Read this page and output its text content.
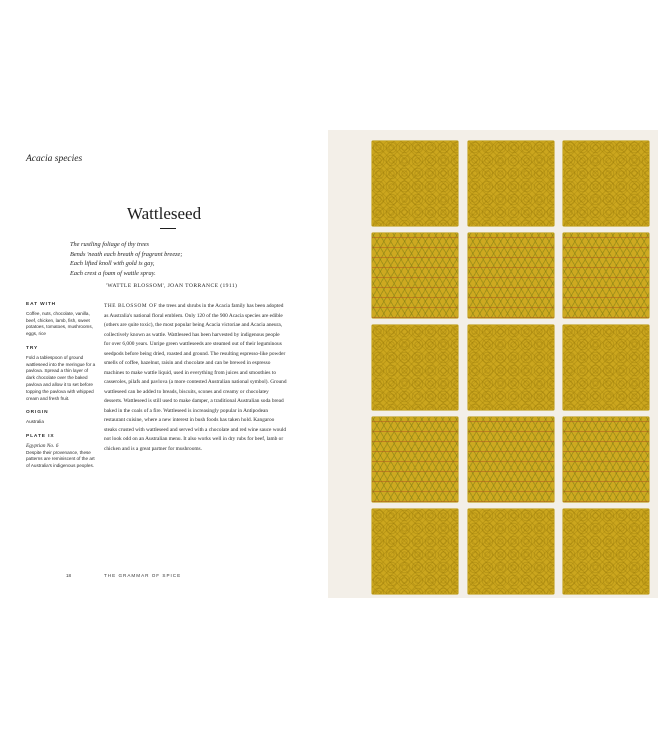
Acacia species
Wattleseed
The rustling foliage of thy trees
Bends 'neath each breath of fragrant breeze;
Each lifted knoll with gold is gay,
Each crest a foam of wattle spray.
'WATTLE BLOSSOM', JOAN TORRANCE (1911)
EAT WITH
Coffee, nuts, chocolate, vanilla, beef, chicken, lamb, fish, sweet potatoes, tomatoes, mushrooms, eggs, rice
TRY
Fold a tablespoon of ground wattleseed into the meringue for a pavlova. Spread a thin layer of dark chocolate over the baked pavlova and allow it to set before topping the pavlova with whipped cream and fresh fruit.
ORIGIN
Australia
PLATE IX
Egyptian No. 6
Despite their provenance, these patterns are reminiscent of the art of Australia's indigenous peoples.
THE BLOSSOM OF the trees and shrubs in the Acacia family has been adopted as Australia's national floral emblem. Only 120 of the 900 Acacia species are edible (others are quite toxic), the most popular being Acacia victoriae and Acacia aneura, collectively known as wattle. Wattleseed has been harvested by indigenous people for over 6,000 years. Unripe green wattleseeds are steamed out of their leguminous seedpods before being dried, roasted and ground. The resulting espresso-like powder smells of coffee, hazelnut, raisin and chocolate and can be brewed in espresso machines to make wattle liquid, used in everything from juices and smoothies to casseroles, pilafs and pavlova (a more contested Australian national symbol). Ground wattleseed can be added to breads, biscuits, scones and creamy or chocolatey desserts. Wattleseed is still used to make damper, a traditional Australian soda bread baked in the coals of a fire. Wattleseed is increasingly popular in Antipodean restaurant cuisine, where a new interest in bush foods has taken hold. Kangaroo steaks crusted with wattleseed and served with a chocolate and red wine sauce would not look odd on an Australian menu. It also works well in dry rubs for beef, lamb or chicken and is a great partner for mushrooms.
18	THE GRAMMAR OF SPICE
